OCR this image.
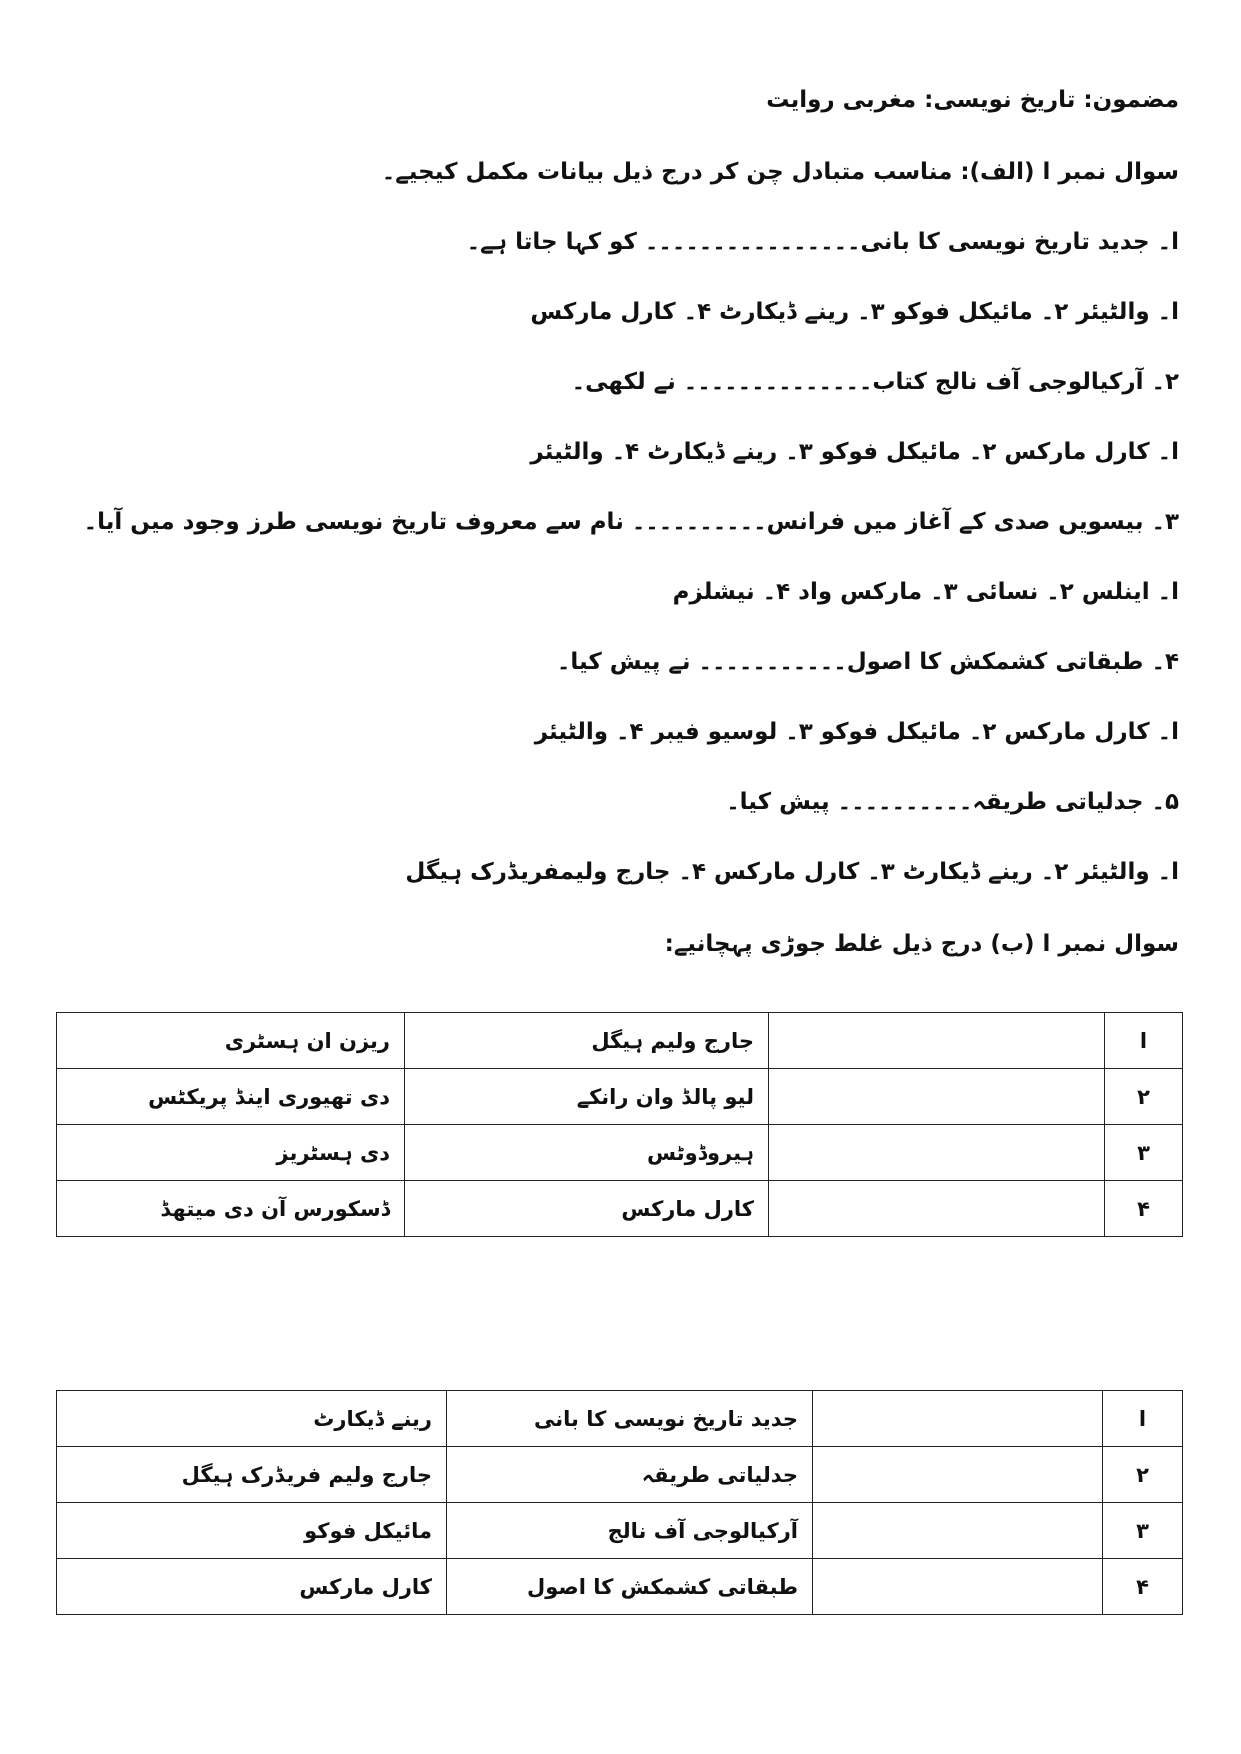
مضمون: تاریخ نویسی: مغربی روایت
سوال نمبر ا (الف): مناسب متبادل چن کر درج ذیل بیانات مکمل کیجیے۔
ا۔ جدید تاریخ نویسی کا بانی۔۔۔۔۔۔۔۔۔۔۔۔۔۔۔۔ کو کہا جاتا ہے۔
ا۔ والٹیئر ۲۔ مائیکل فوکو ۳۔ رینے ڈیکارٹ ۴۔ کارل مارکس
۲۔ آرکیالوجی آف نالج کتاب۔۔۔۔۔۔۔۔۔۔۔۔۔۔ نے لکھی۔
ا۔ کارل مارکس ۲۔ مائیکل فوکو ۳۔ رینے ڈیکارٹ ۴۔ والٹیئر
۳۔ بیسویں صدی کے آغاز میں فرانس۔۔۔۔۔۔۔۔۔۔ نام سے معروف تاریخ نویسی طرز وجود میں آیا۔
ا۔ اینلس ۲۔ نسائی ۳۔ مارکس واد ۴۔ نیشلزم
۴۔ طبقاتی کشمکش کا اصول۔۔۔۔۔۔۔۔۔۔۔ نے پیش کیا۔
ا۔ کارل مارکس ۲۔ مائیکل فوکو ۳۔ لوسیو فیبر ۴۔ والٹیئر
۵۔ جدلیاتی طریقہ۔۔۔۔۔۔۔۔۔۔ پیش کیا۔
ا۔ والٹیئر ۲۔ رینے ڈیکارٹ ۳۔ کارل مارکس ۴۔ جارج ولیمفریڈرک ہیگل
سوال نمبر ا (ب) درج ذیل غلط جوڑی پہچانیے:
ا		جارج ولیم ہیگل	ریزن ان ہسٹری
۲		لیو پالڈ وان رانکے	دی تھیوری اینڈ پریکٹس
۳		ہیروڈوٹس	دی ہسٹریز
۴		کارل مارکس	ڈسکورس آن دی میتھڈ
ا		جدید تاریخ نویسی کا بانی	رینے ڈیکارٹ
۲		جدلیاتی طریقہ	جارج ولیم فریڈرک ہیگل
۳		آرکیالوجی آف نالج	مائیکل فوکو
۴		طبقاتی کشمکش کا اصول	کارل مارکس
